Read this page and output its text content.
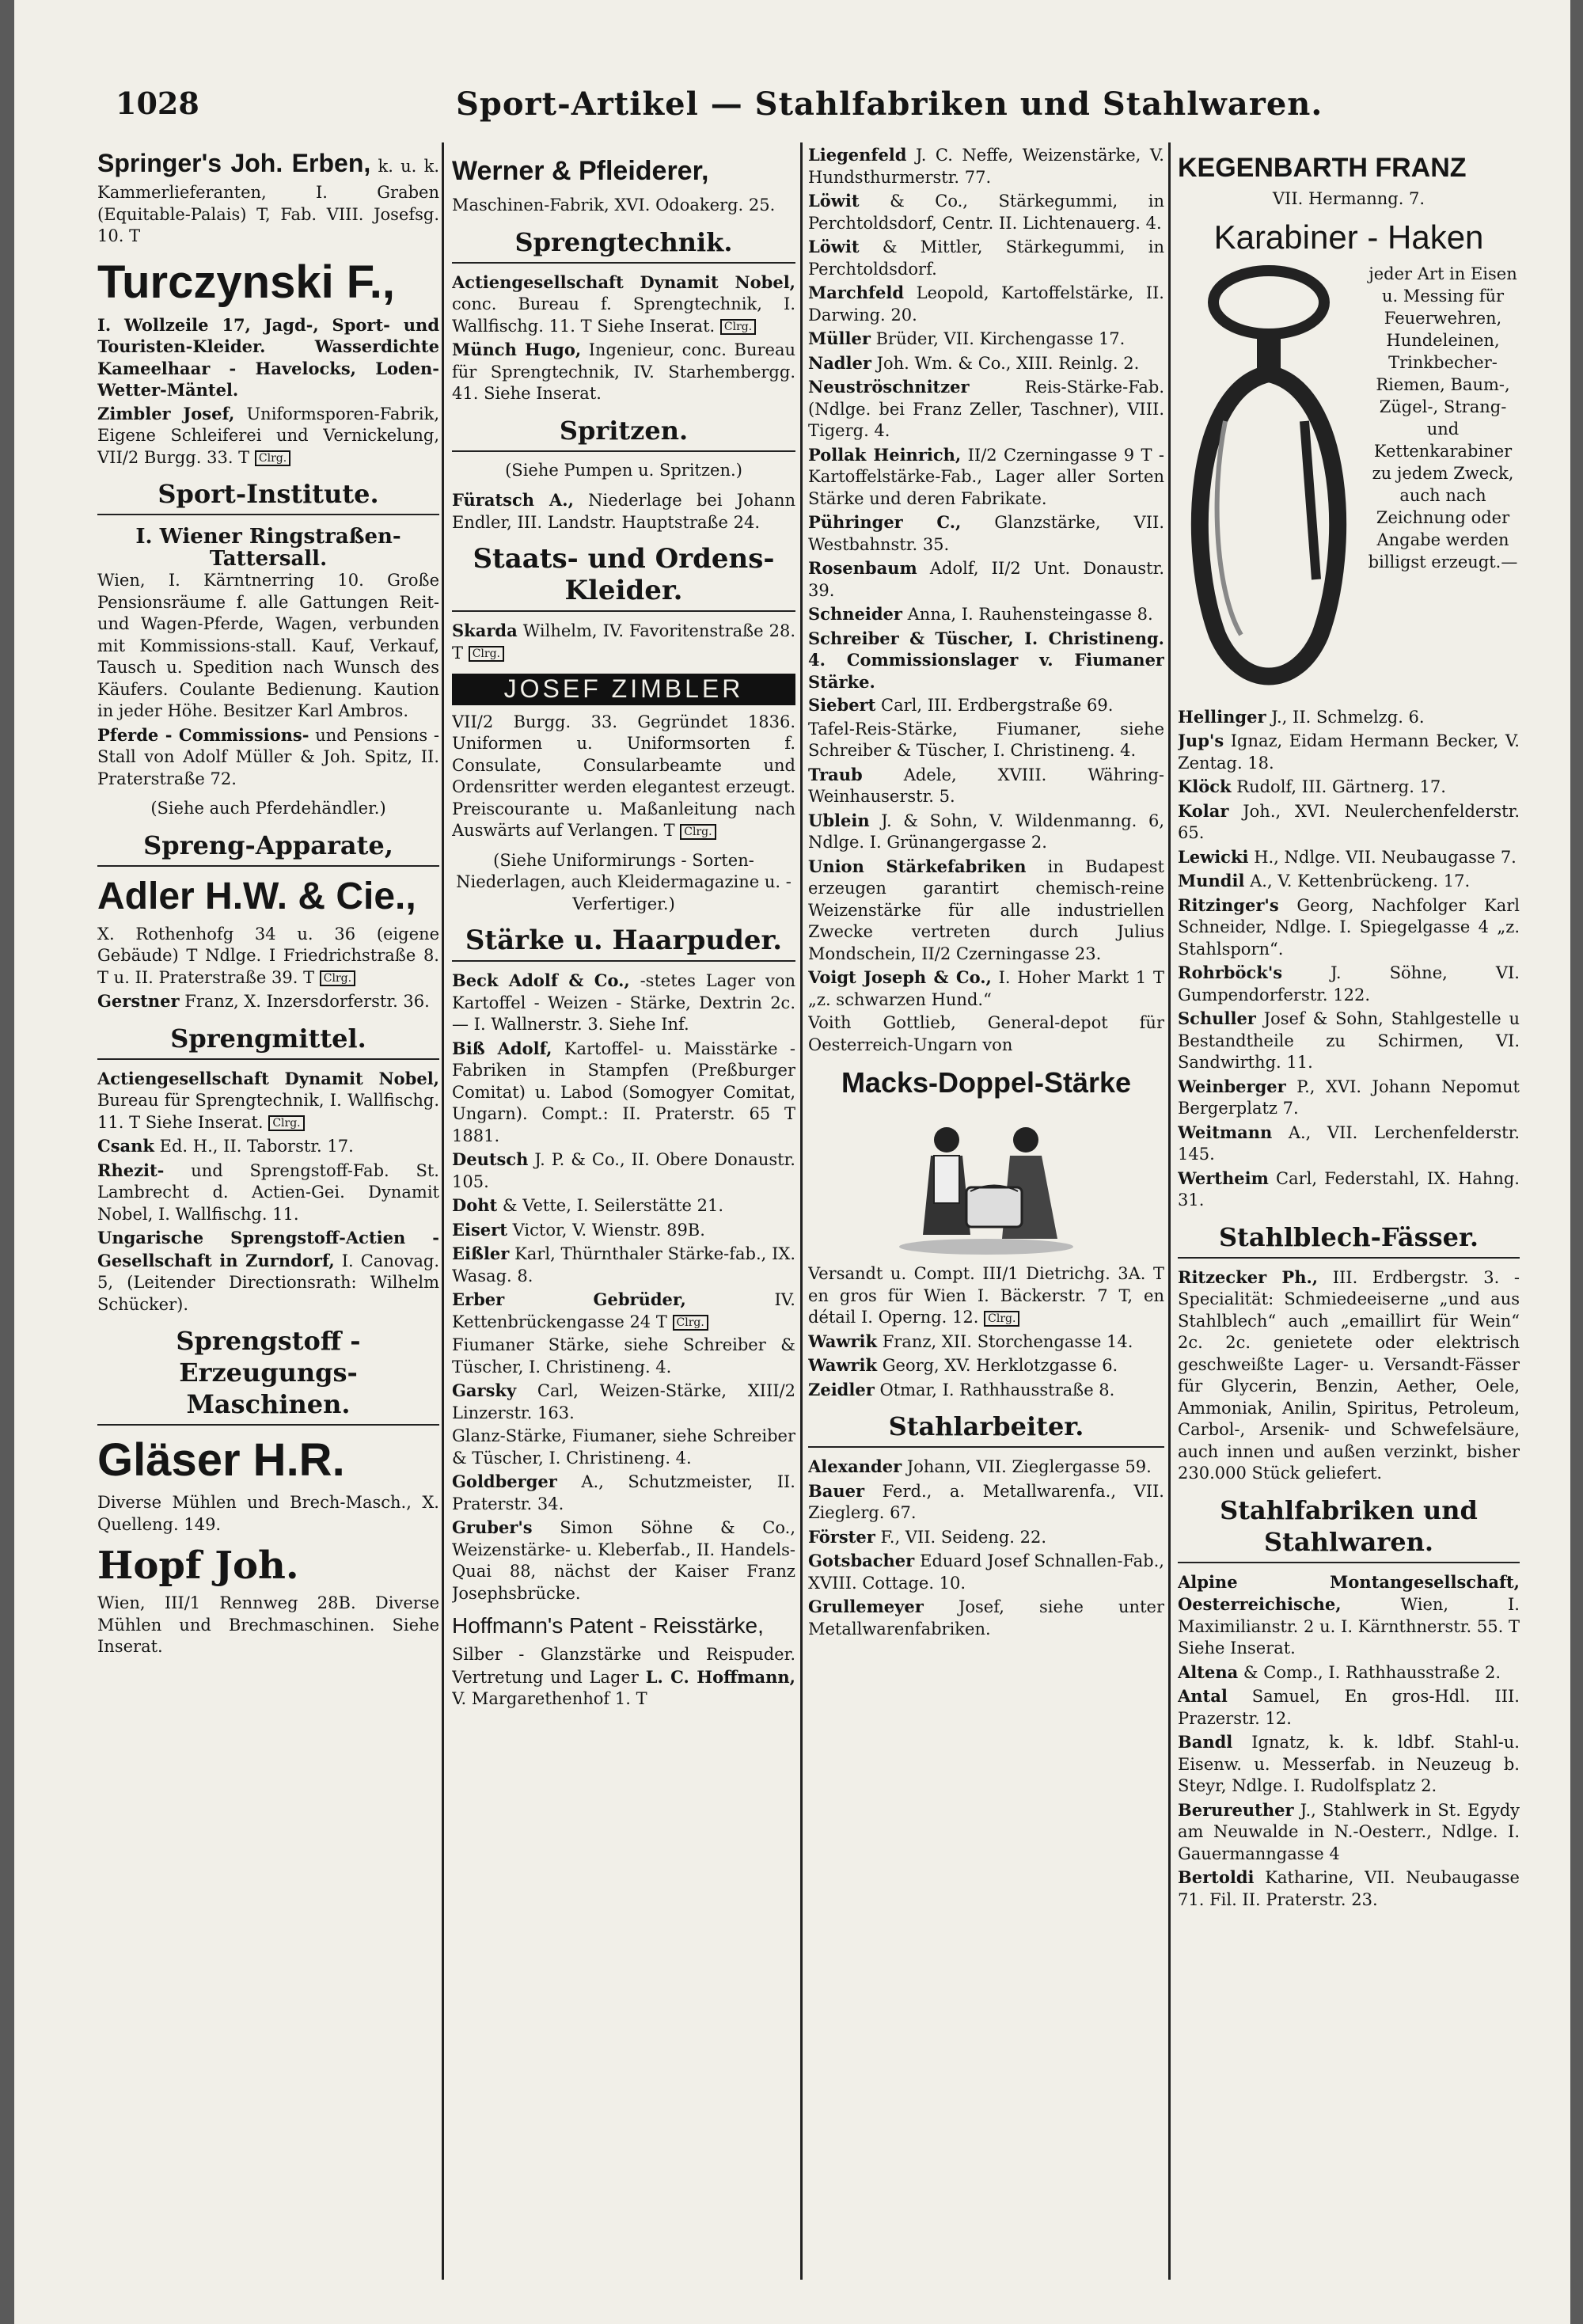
1028	Sport-Artikel — Stahlfabriken und Stahlwaren.
Springer's Joh. Erben, k. u. k. Kammerlieferanten, I. Graben (Equitable-Palais) T, Fab. VIII. Josefsg. 10. T
Turczynski F.,
I. Wollzeile 17, Jagd-, Sport- und Touristen-Kleider. Wasserdichte Kameelhaar - Havelocks, Loden-Wetter-Mäntel.
Zimbler Josef, Uniformsporen-Fabrik, Eigene Schleiferei und Vernickelung, VII/2 Burgg. 33. T Clrg.
Sport-Institute.
I. Wiener Ringstraßen-Tattersall.
Wien, I. Kärntnerring 10. Große Pensionsräume f. alle Gattungen Reit- und Wagen-Pferde, Wagen, verbunden mit Kommissions-stall. Kauf, Verkauf, Tausch u. Spedition nach Wunsch des Käufers. Coulante Bedienung. Kaution in jeder Höhe. Besitzer Karl Ambros.
Pferde - Commissions- und Pensions - Stall von Adolf Müller & Joh. Spitz, II. Praterstraße 72.
(Siehe auch Pferdehändler.)
Spreng-Apparate,
Adler H.W. & Cie.,
X. Rothenhofg 34 u. 36 (eigene Gebäude) T Ndlge. I Friedrichstraße 8. T u. II. Praterstraße 39. T Clrg.
Gerstner Franz, X. Inzersdorferstr. 36.
Sprengmittel.
Actiengesellschaft Dynamit Nobel, Bureau für Sprengtechnik, I. Wallfischg. 11. T Siehe Inserat. Clrg.
Csank Ed. H., II. Taborstr. 17.
Rhezit- und Sprengstoff-Fab. St. Lambrecht d. Actien-Gei. Dynamit Nobel, I. Wallfischg. 11.
Ungarische Sprengstoff-Actien - Gesellschaft in Zurndorf, I. Canovag. 5, (Leitender Directionsrath: Wilhelm Schücker).
Sprengstoff - Erzeugungs-Maschinen.
Gläser H.R.
Diverse Mühlen und Brech-Masch., X. Quelleng. 149.
Hopf Joh.
Wien, III/1 Rennweg 28B. Diverse Mühlen und Brechmaschinen. Siehe Inserat.
Werner & Pfleiderer,
Maschinen-Fabrik, XVI. Odoakerg. 25.
Sprengtechnik.
Actiengesellschaft Dynamit Nobel, conc. Bureau f. Sprengtechnik, I. Wallfischg. 11. T Siehe Inserat. Clrg.
Münch Hugo, Ingenieur, conc. Bureau für Sprengtechnik, IV. Starhembergg. 41. Siehe Inserat.
Spritzen.
(Siehe Pumpen u. Spritzen.)
Füratsch A., Niederlage bei Johann Endler, III. Landstr. Hauptstraße 24.
Staats- und Ordens-Kleider.
Skarda Wilhelm, IV. Favoritenstraße 28. T Clrg.
JOSEF ZIMBLER
VII/2 Burgg. 33. Gegründet 1836. Uniformen u. Uniformsorten f. Consulate, Consularbeamte und Ordensritter werden elegantest erzeugt. Preiscourante u. Maßanleitung nach Auswärts auf Verlangen. T Clrg.
(Siehe Uniformirungs - Sorten-Niederlagen, auch Kleidermagazine u. -Verfertiger.)
Stärke u. Haarpuder.
Beck Adolf & Co., -stetes Lager von Kartoffel - Weizen - Stärke, Dextrin 2c. — I. Wallnerstr. 3. Siehe Inf.
Biß Adolf, Kartoffel- u. Maisstärke - Fabriken in Stampfen (Preßburger Comitat) u. Labod (Somogyer Comitat, Ungarn). Compt.: II. Praterstr. 65 T 1881.
Deutsch J. P. & Co., II. Obere Donaustr. 105.
Doht & Vette, I. Seilerstätte 21.
Eisert Victor, V. Wienstr. 89B.
Eißler Karl, Thürnthaler Stärke-fab., IX. Wasag. 8.
Erber Gebrüder,	IV. Kettenbrückengasse 24 T Clrg.
Fiumaner Stärke, siehe Schreiber & Tüscher, I. Christineng. 4.
Garsky Carl, Weizen-Stärke, XIII/2 Linzerstr. 163.
Glanz-Stärke, Fiumaner, siehe Schreiber & Tüscher, I. Christineng. 4.
Goldberger A., Schutzmeister, II. Praterstr. 34.
Gruber's Simon Söhne & Co., Weizenstärke- u. Kleberfab., II. Handels-Quai 88, nächst der Kaiser Franz Josephsbrücke.
Hoffmann's Patent - Reisstärke,
Silber - Glanzstärke und Reispuder. Vertretung und Lager L. C. Hoffmann, V. Margarethenhof 1. T
Liegenfeld J. C. Neffe, Weizenstärke, V. Hundsthurmerstr. 77.
Löwit & Co., Stärkegummi, in Perchtoldsdorf, Centr. II. Lichtenauerg. 4.
Löwit & Mittler, Stärkegummi, in Perchtoldsdorf.
Marchfeld Leopold, Kartoffelstärke, II. Darwing. 20.
Müller Brüder, VII. Kirchengasse 17.
Nadler Joh. Wm. & Co., XIII. Reinlg. 2.
Neuströschnitzer	Reis-Stärke-Fab. (Ndlge. bei Franz Zeller, Taschner), VIII. Tigerg. 4.
Pollak Heinrich, II/2 Czerningasse 9 T -Kartoffelstärke-Fab., Lager aller Sorten Stärke und deren Fabrikate.
Pühringer C., Glanzstärke, VII. Westbahnstr. 35.
Rosenbaum Adolf, II/2 Unt. Donaustr. 39.
Schneider Anna, I. Rauhensteingasse 8.
Schreiber & Tüscher, I. Christineng. 4. Commissionslager v. Fiumaner Stärke.
Siebert Carl, III. Erdbergstraße 69.
Tafel-Reis-Stärke, Fiumaner, siehe Schreiber & Tüscher, I. Christineng. 4.
Traub Adele, XVIII. Währing-Weinhauserstr. 5.
Ublein J. & Sohn, V. Wildenmanng. 6, Ndlge. I. Grünangergasse 2.
Union Stärkefabriken in Budapest erzeugen garantirt chemisch-reine Weizenstärke für alle industriellen Zwecke vertreten durch Julius Mondschein, II/2 Czerningasse 23.
Voigt Joseph & Co., I. Hoher Markt 1 T „z. schwarzen Hund.“
Voith Gottlieb, General-depot für Oesterreich-Ungarn von
Macks-Doppel-Stärke
Versandt u. Compt. III/1 Dietrichg. 3A. T en gros für Wien I. Bäckerstr. 7 T, en détail I. Operng. 12. Clrg.
Wawrik Franz, XII. Storchengasse 14.
Wawrik Georg, XV. Herklotzgasse 6.
Zeidler Otmar, I. Rathhausstraße 8.
Stahlarbeiter.
Alexander Johann, VII. Zieglergasse 59.
Bauer Ferd., a. Metallwarenfa., VII. Zieglerg. 67.
Förster F., VII. Seideng. 22.
Gotsbacher Eduard Josef Schnallen-Fab., XVIII. Cottage. 10.
Grullemeyer Josef, siehe unter Metallwarenfabriken.
KEGENBARTH FRANZ
VII. Hermanng. 7.
Karabiner - Haken
jeder Art in Eisen u. Messing für Feuerwehren, Hundeleinen, Trinkbecher-Riemen, Baum-, Zügel-, Strang- und Kettenkarabiner zu jedem Zweck, auch nach Zeichnung oder Angabe werden billigst erzeugt.—
Hellinger J., II. Schmelzg. 6.
Jup's Ignaz, Eidam Hermann Becker, V. Zentag. 18.
Klöck Rudolf, III. Gärtnerg. 17.
Kolar Joh., XVI. Neulerchenfelderstr. 65.
Lewicki H., Ndlge. VII. Neubaugasse 7.
Mundil A., V. Kettenbrückeng. 17.
Ritzinger's Georg, Nachfolger Karl Schneider, Ndlge. I. Spiegelgasse 4 „z. Stahlsporn“.
Rohrböck's	J. Söhne, VI. Gumpendorferstr. 122.
Schuller Josef & Sohn, Stahlgestelle u Bestandtheile zu Schirmen, VI. Sandwirthg. 11.
Weinberger P., XVI. Johann Nepomut Bergerplatz 7.
Weitmann A., VII. Lerchenfelderstr. 145.
Wertheim Carl, Federstahl, IX. Hahng. 31.
Stahlblech-Fässer.
Ritzecker Ph., III. Erdbergstr. 3. -Specialität: Schmiedeeiserne „und aus Stahlblech“ auch „emaillirt für Wein“ 2c. 2c. genietete oder elektrisch geschweißte Lager- u. Versandt-Fässer für Glycerin, Benzin, Aether, Oele, Ammoniak, Anilin, Spiritus, Petroleum, Carbol-, Arsenik- und Schwefelsäure, auch innen und außen verzinkt, bisher 230.000 Stück geliefert.
Stahlfabriken und Stahlwaren.
Alpine Montangesellschaft, Oesterreichische,	Wien, I. Maximilianstr. 2 u. I. Kärnthnerstr. 55. T Siehe Inserat.
Altena & Comp., I. Rathhausstraße 2.
Antal Samuel, En gros-Hdl. III. Prazerstr. 12.
Bandl Ignatz, k. k. ldbf. Stahl-u. Eisenw. u. Messerfab. in Neuzeug b. Steyr, Ndlge. I. Rudolfsplatz 2.
Berureuther J., Stahlwerk in St. Egydy am Neuwalde in N.-Oesterr., Ndlge. I. Gauermanngasse 4
Bertoldi Katharine, VII. Neubaugasse 71. Fil. II. Praterstr. 23.
